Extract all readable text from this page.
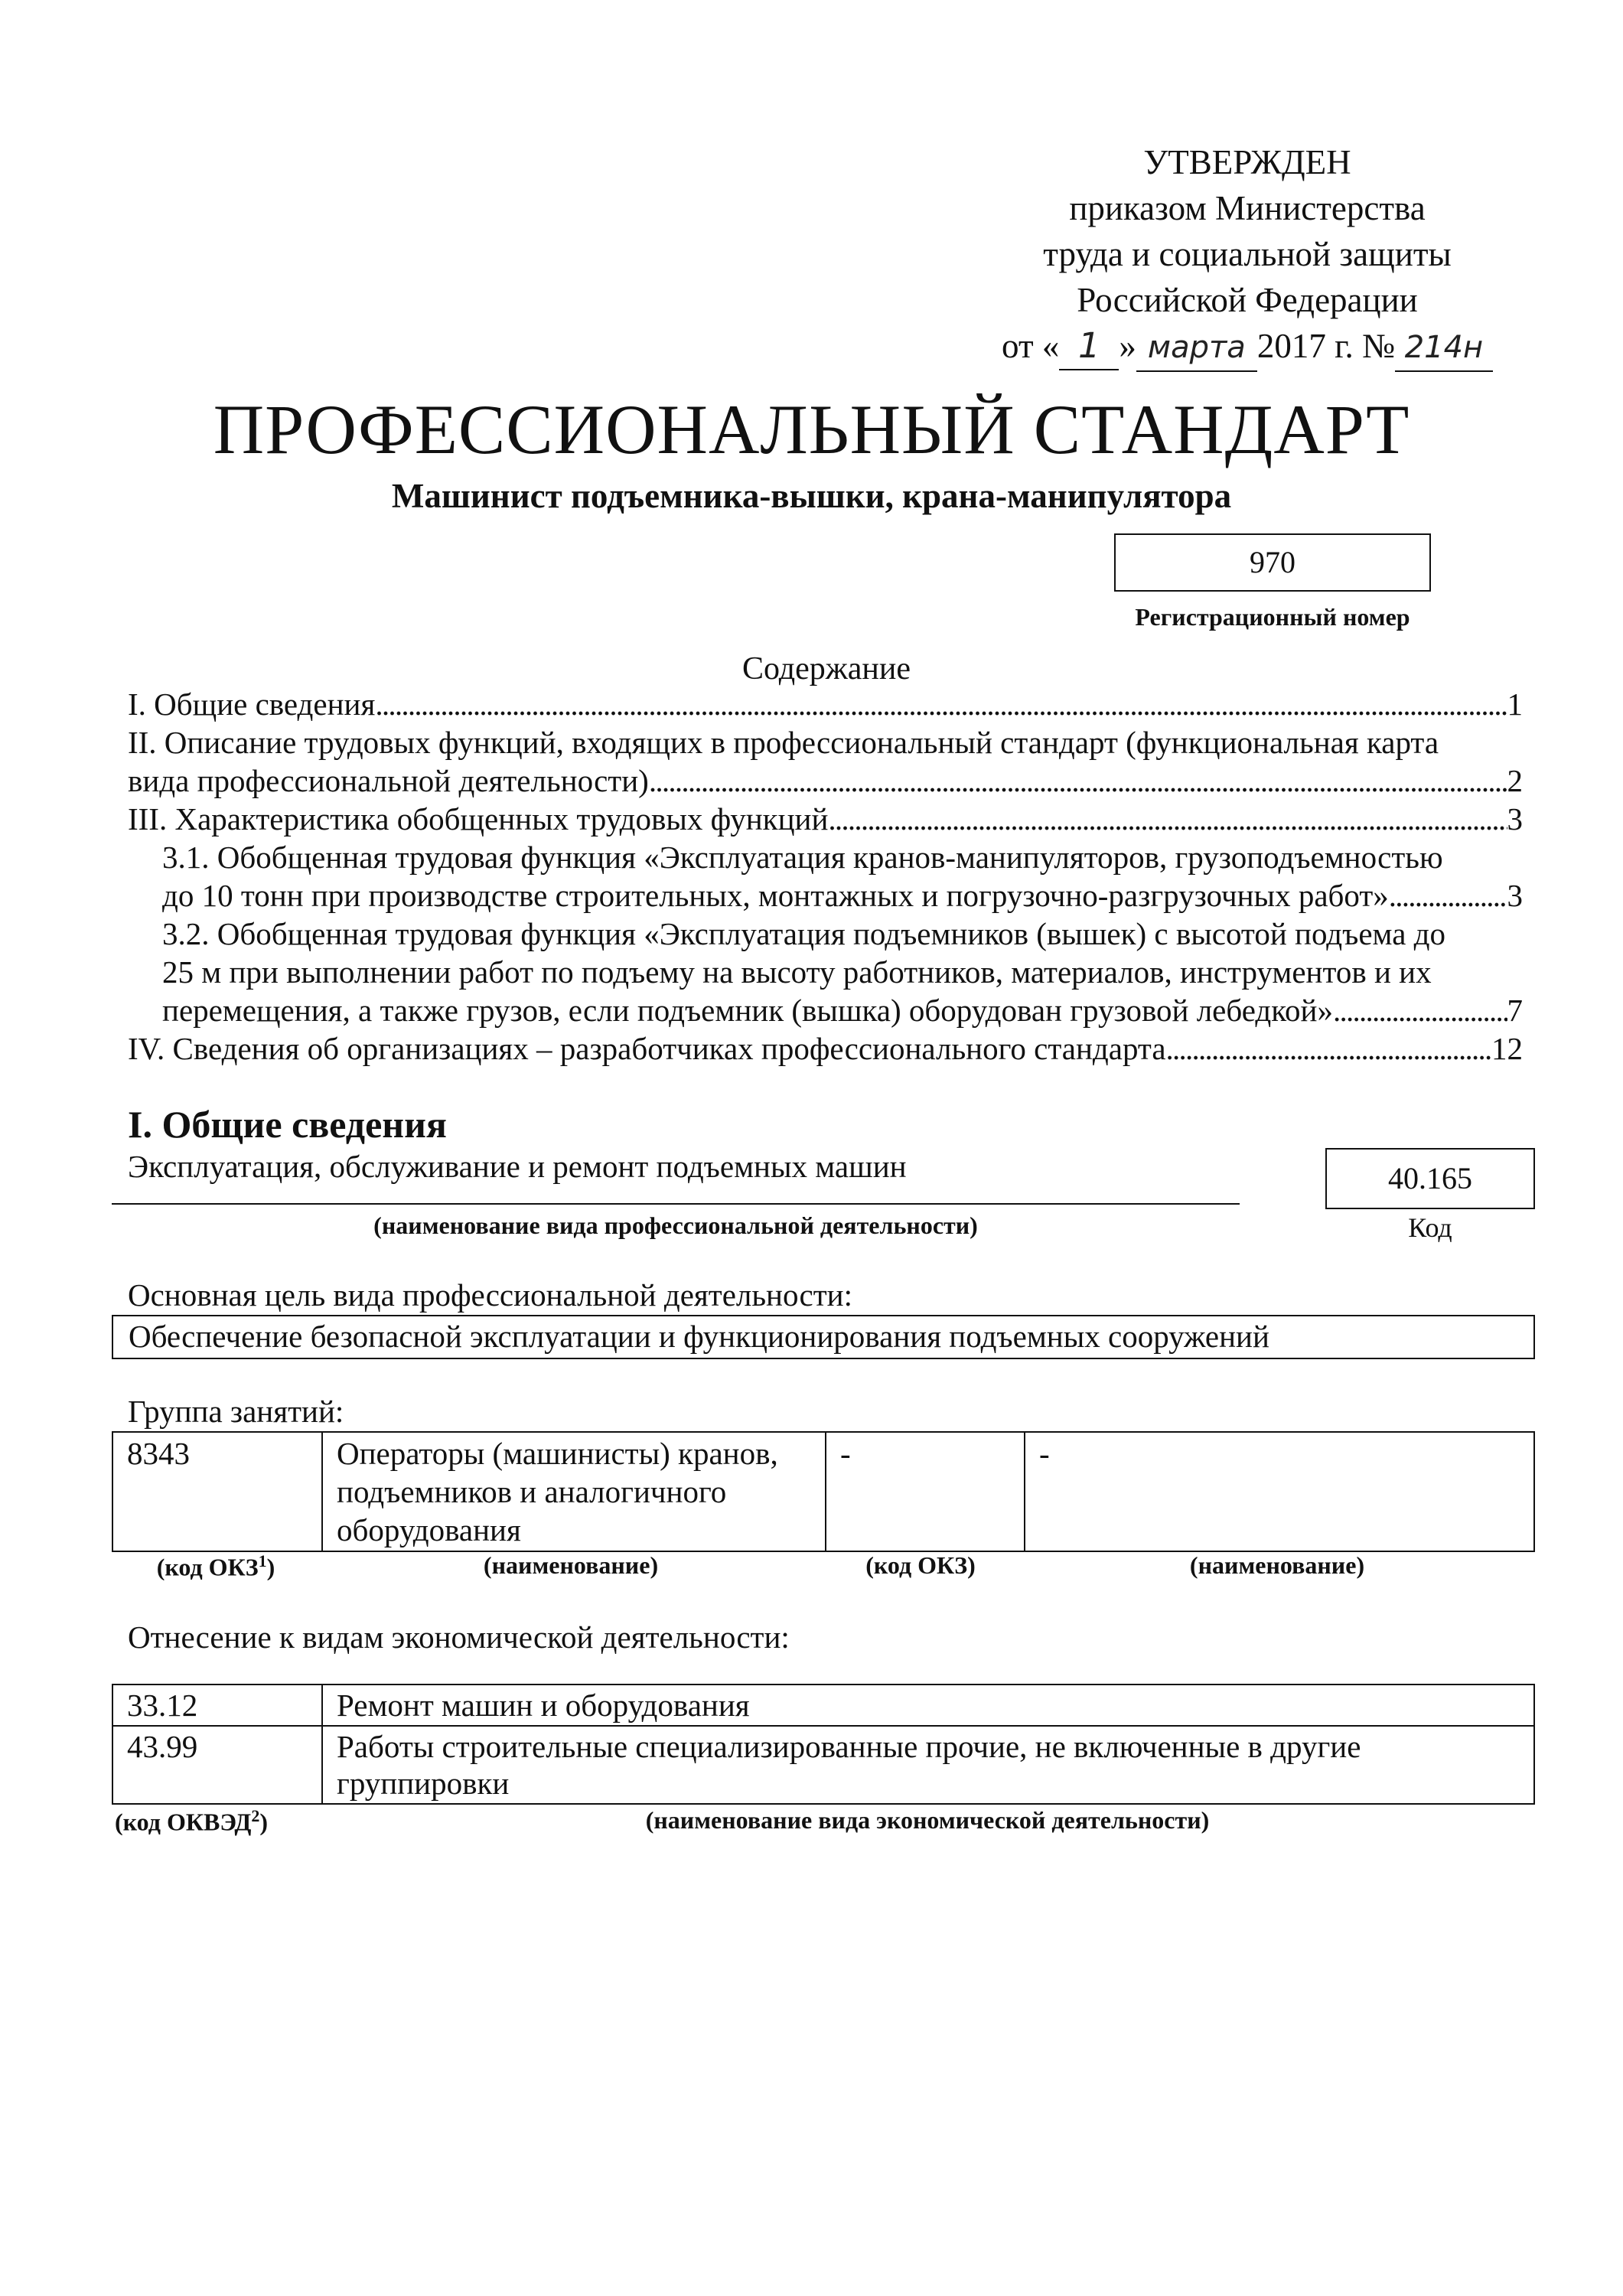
УТВЕРЖДЕН
приказом Министерства
труда и социальной защиты
Российской Федерации
от « 1 » марта 2017 г. № 214н
ПРОФЕССИОНАЛЬНЫЙ СТАНДАРТ
Машинист подъемника-вышки, крана-манипулятора
970
Регистрационный номер
Содержание
I. Общие сведения . . .	1
II. Описание трудовых функций, входящих в профессиональный стандарт (функциональная карта
вида профессиональной деятельности) . . .	2
III. Характеристика обобщенных трудовых функций . . .	3
3.1. Обобщенная трудовая функция «Эксплуатация кранов-манипуляторов, грузоподъемностью
до 10 тонн при производстве строительных, монтажных и погрузочно-разгрузочных работ» . . .	3
3.2. Обобщенная трудовая функция «Эксплуатация подъемников (вышек) с высотой подъема до
25 м при выполнении работ по подъему на высоту работников, материалов, инструментов и их
перемещения, а также грузов, если подъемник (вышка) оборудован грузовой лебедкой» . . .	7
IV. Сведения об организациях – разработчиках профессионального стандарта . . .	12
I. Общие сведения
Эксплуатация, обслуживание и ремонт подъемных машин
(наименование вида профессиональной деятельности)
40.165
Код
Основная цель вида профессиональной деятельности:
Обеспечение безопасной эксплуатации и функционирования подъемных сооружений
Группа занятий:
8343	Операторы (машинисты) кранов, подъемников и аналогичного оборудования	-	-
(код ОКЗ$^1$)	(наименование)	(код ОКЗ)	(наименование)
Отнесение к видам экономической деятельности:
33.12	Ремонт машин и оборудования
43.99	Работы строительные специализированные прочие, не включенные в другие группировки
(код ОКВЭД$^2$)	(наименование вида экономической деятельности)
